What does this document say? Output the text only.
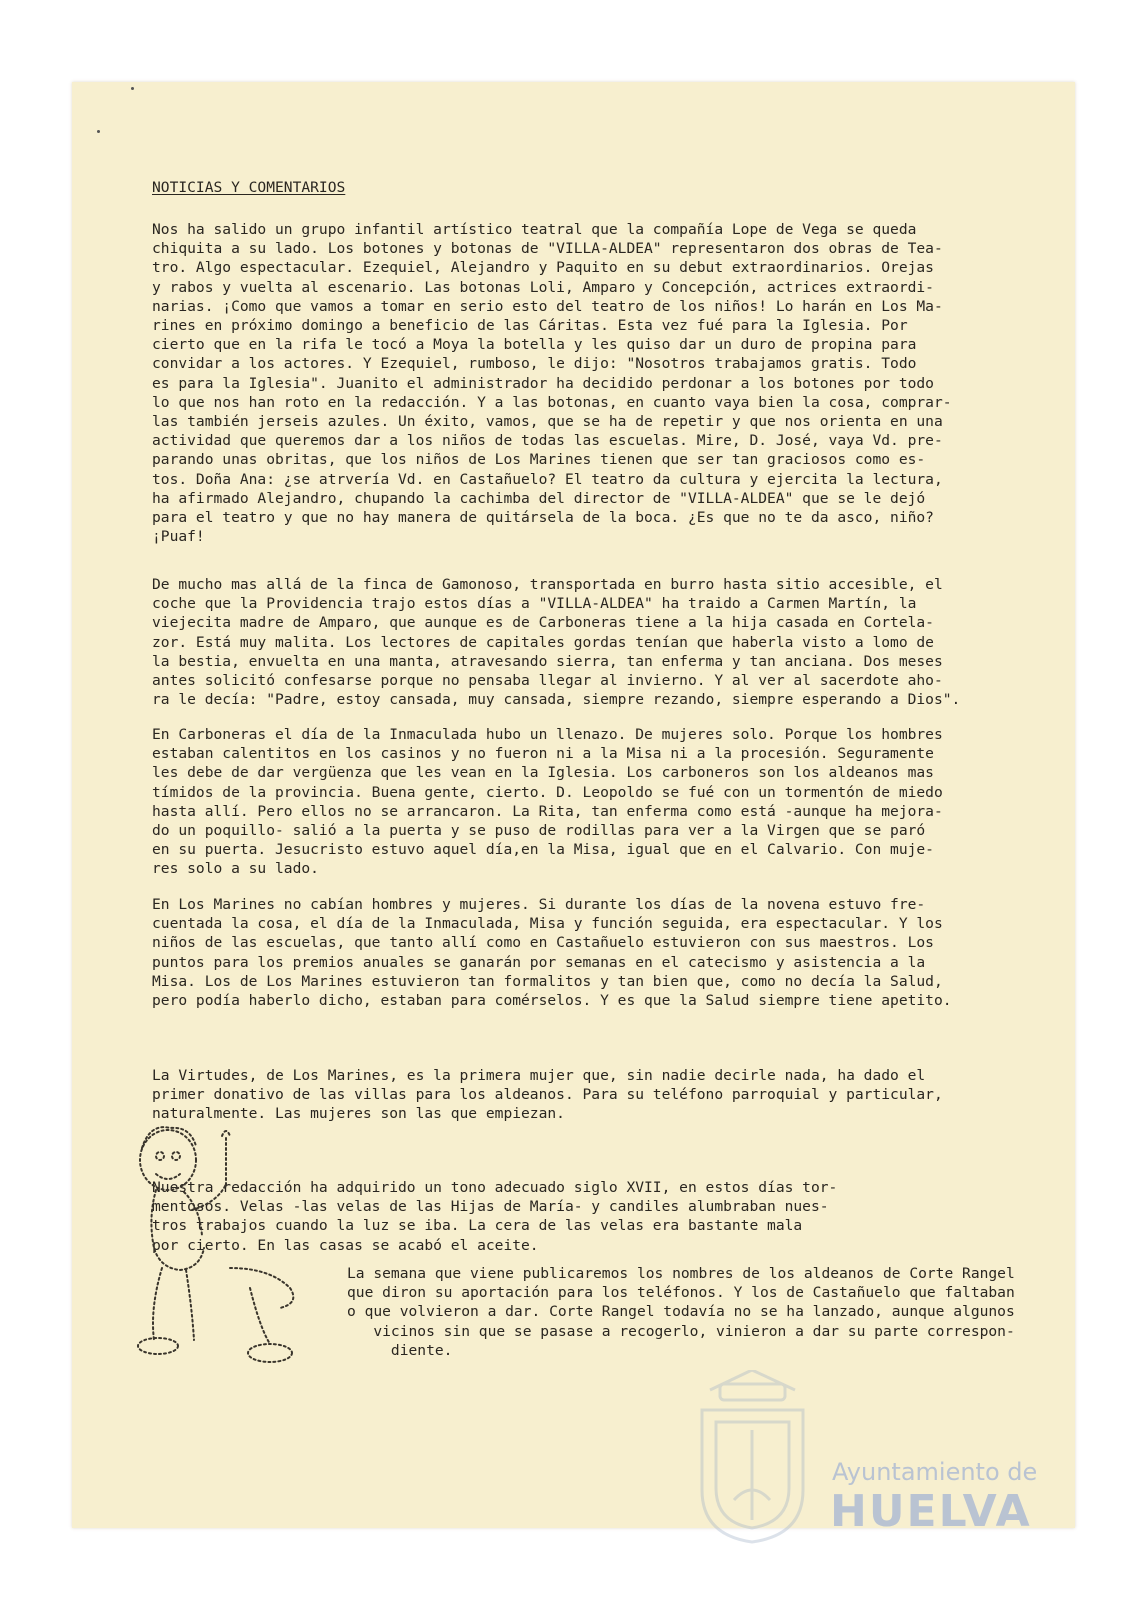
NOTICIAS Y COMENTARIOS
Nos ha salido un grupo infantil artístico teatral que la compañía Lope de Vega se queda
chiquita a su lado. Los botones y botonas de "VILLA-ALDEA" representaron dos obras de Tea-
tro. Algo espectacular. Ezequiel, Alejandro y Paquito en su debut extraordinarios. Orejas
y rabos y vuelta al escenario. Las botonas Loli, Amparo y Concepción, actrices extraordi-
narias. ¡Como que vamos a tomar en serio esto del teatro de los niños! Lo harán en Los Ma-
rines en próximo domingo a beneficio de las Cáritas. Esta vez fué para la Iglesia. Por
cierto que en la rifa le tocó a Moya la botella y les quiso dar un duro de propina para
convidar a los actores. Y Ezequiel, rumboso, le dijo: "Nosotros trabajamos gratis. Todo
es para la Iglesia". Juanito el administrador ha decidido perdonar a los botones por todo
lo que nos han roto en la redacción. Y a las botonas, en cuanto vaya bien la cosa, comprar-
las también jerseis azules. Un éxito, vamos, que se ha de repetir y que nos orienta en una
actividad que queremos dar a los niños de todas las escuelas. Mire, D. José, vaya Vd. pre-
parando unas obritas, que los niños de Los Marines tienen que ser tan graciosos como es-
tos. Doña Ana: ¿se atrvería Vd. en Castañuelo? El teatro da cultura y ejercita la lectura,
ha afirmado Alejandro, chupando la cachimba del director de "VILLA-ALDEA" que se le dejó
para el teatro y que no hay manera de quitársela de la boca. ¿Es que no te da asco, niño?
¡Puaf!
De mucho mas allá de la finca de Gamonoso, transportada en burro hasta sitio accesible, el
coche que la Providencia trajo estos días a "VILLA-ALDEA" ha traido a Carmen Martín, la
viejecita madre de Amparo, que aunque es de Carboneras tiene a la hija casada en Cortela-
zor. Está muy malita. Los lectores de capitales gordas tenían que haberla visto a lomo de
la bestia, envuelta en una manta, atravesando sierra, tan enferma y tan anciana. Dos meses
antes solicitó confesarse porque no pensaba llegar al invierno. Y al ver al sacerdote aho-
ra le decía: "Padre, estoy cansada, muy cansada, siempre rezando, siempre esperando a Dios".
En Carboneras el día de la Inmaculada hubo un llenazo. De mujeres solo. Porque los hombres
estaban calentitos en los casinos y no fueron ni a la Misa ni a la procesión. Seguramente
les debe de dar vergüenza que les vean en la Iglesia. Los carboneros son los aldeanos mas
tímidos de la provincia. Buena gente, cierto. D. Leopoldo se fué con un tormentón de miedo
hasta allí. Pero ellos no se arrancaron. La Rita, tan enferma como está -aunque ha mejora-
do un poquillo- salió a la puerta y se puso de rodillas para ver a la Virgen que se paró
en su puerta. Jesucristo estuvo aquel día,en la Misa, igual que en el Calvario. Con muje-
res solo a su lado.
En Los Marines no cabían hombres y mujeres. Si durante los días de la novena estuvo fre-
cuentada la cosa, el día de la Inmaculada, Misa y función seguida, era espectacular. Y los
niños de las escuelas, que tanto allí como en Castañuelo estuvieron con sus maestros. Los
puntos para los premios anuales se ganarán por semanas en el catecismo y asistencia a la
Misa. Los de Los Marines estuvieron tan formalitos y tan bien que, como no decía la Salud,
pero podía haberlo dicho, estaban para comérselos. Y es que la Salud siempre tiene apetito.
La Virtudes, de Los Marines, es la primera mujer que, sin nadie decirle nada, ha dado el
primer donativo de las villas para los aldeanos. Para su teléfono parroquial y particular,
naturalmente. Las mujeres son las que empiezan.
Nuestra redacción ha adquirido un tono adecuado siglo XVII, en estos días tor-
mentosos. Velas -las velas de las Hijas de María- y candiles alumbraban nues-
tros trabajos cuando la luz se iba. La cera de las velas era bastante mala
por cierto. En las casas se acabó el aceite.
La semana que viene publicaremos los nombres de los aldeanos de Corte Rangel
que diron su aportación para los teléfonos. Y los de Castañuelo que faltaban
o que volvieron a dar. Corte Rangel todavía no se ha lanzado, aunque algunos
vicinos sin que se pasase a recogerlo, vinieron a dar su parte correspon-
diente.
Ayuntamiento de
HUELVA
